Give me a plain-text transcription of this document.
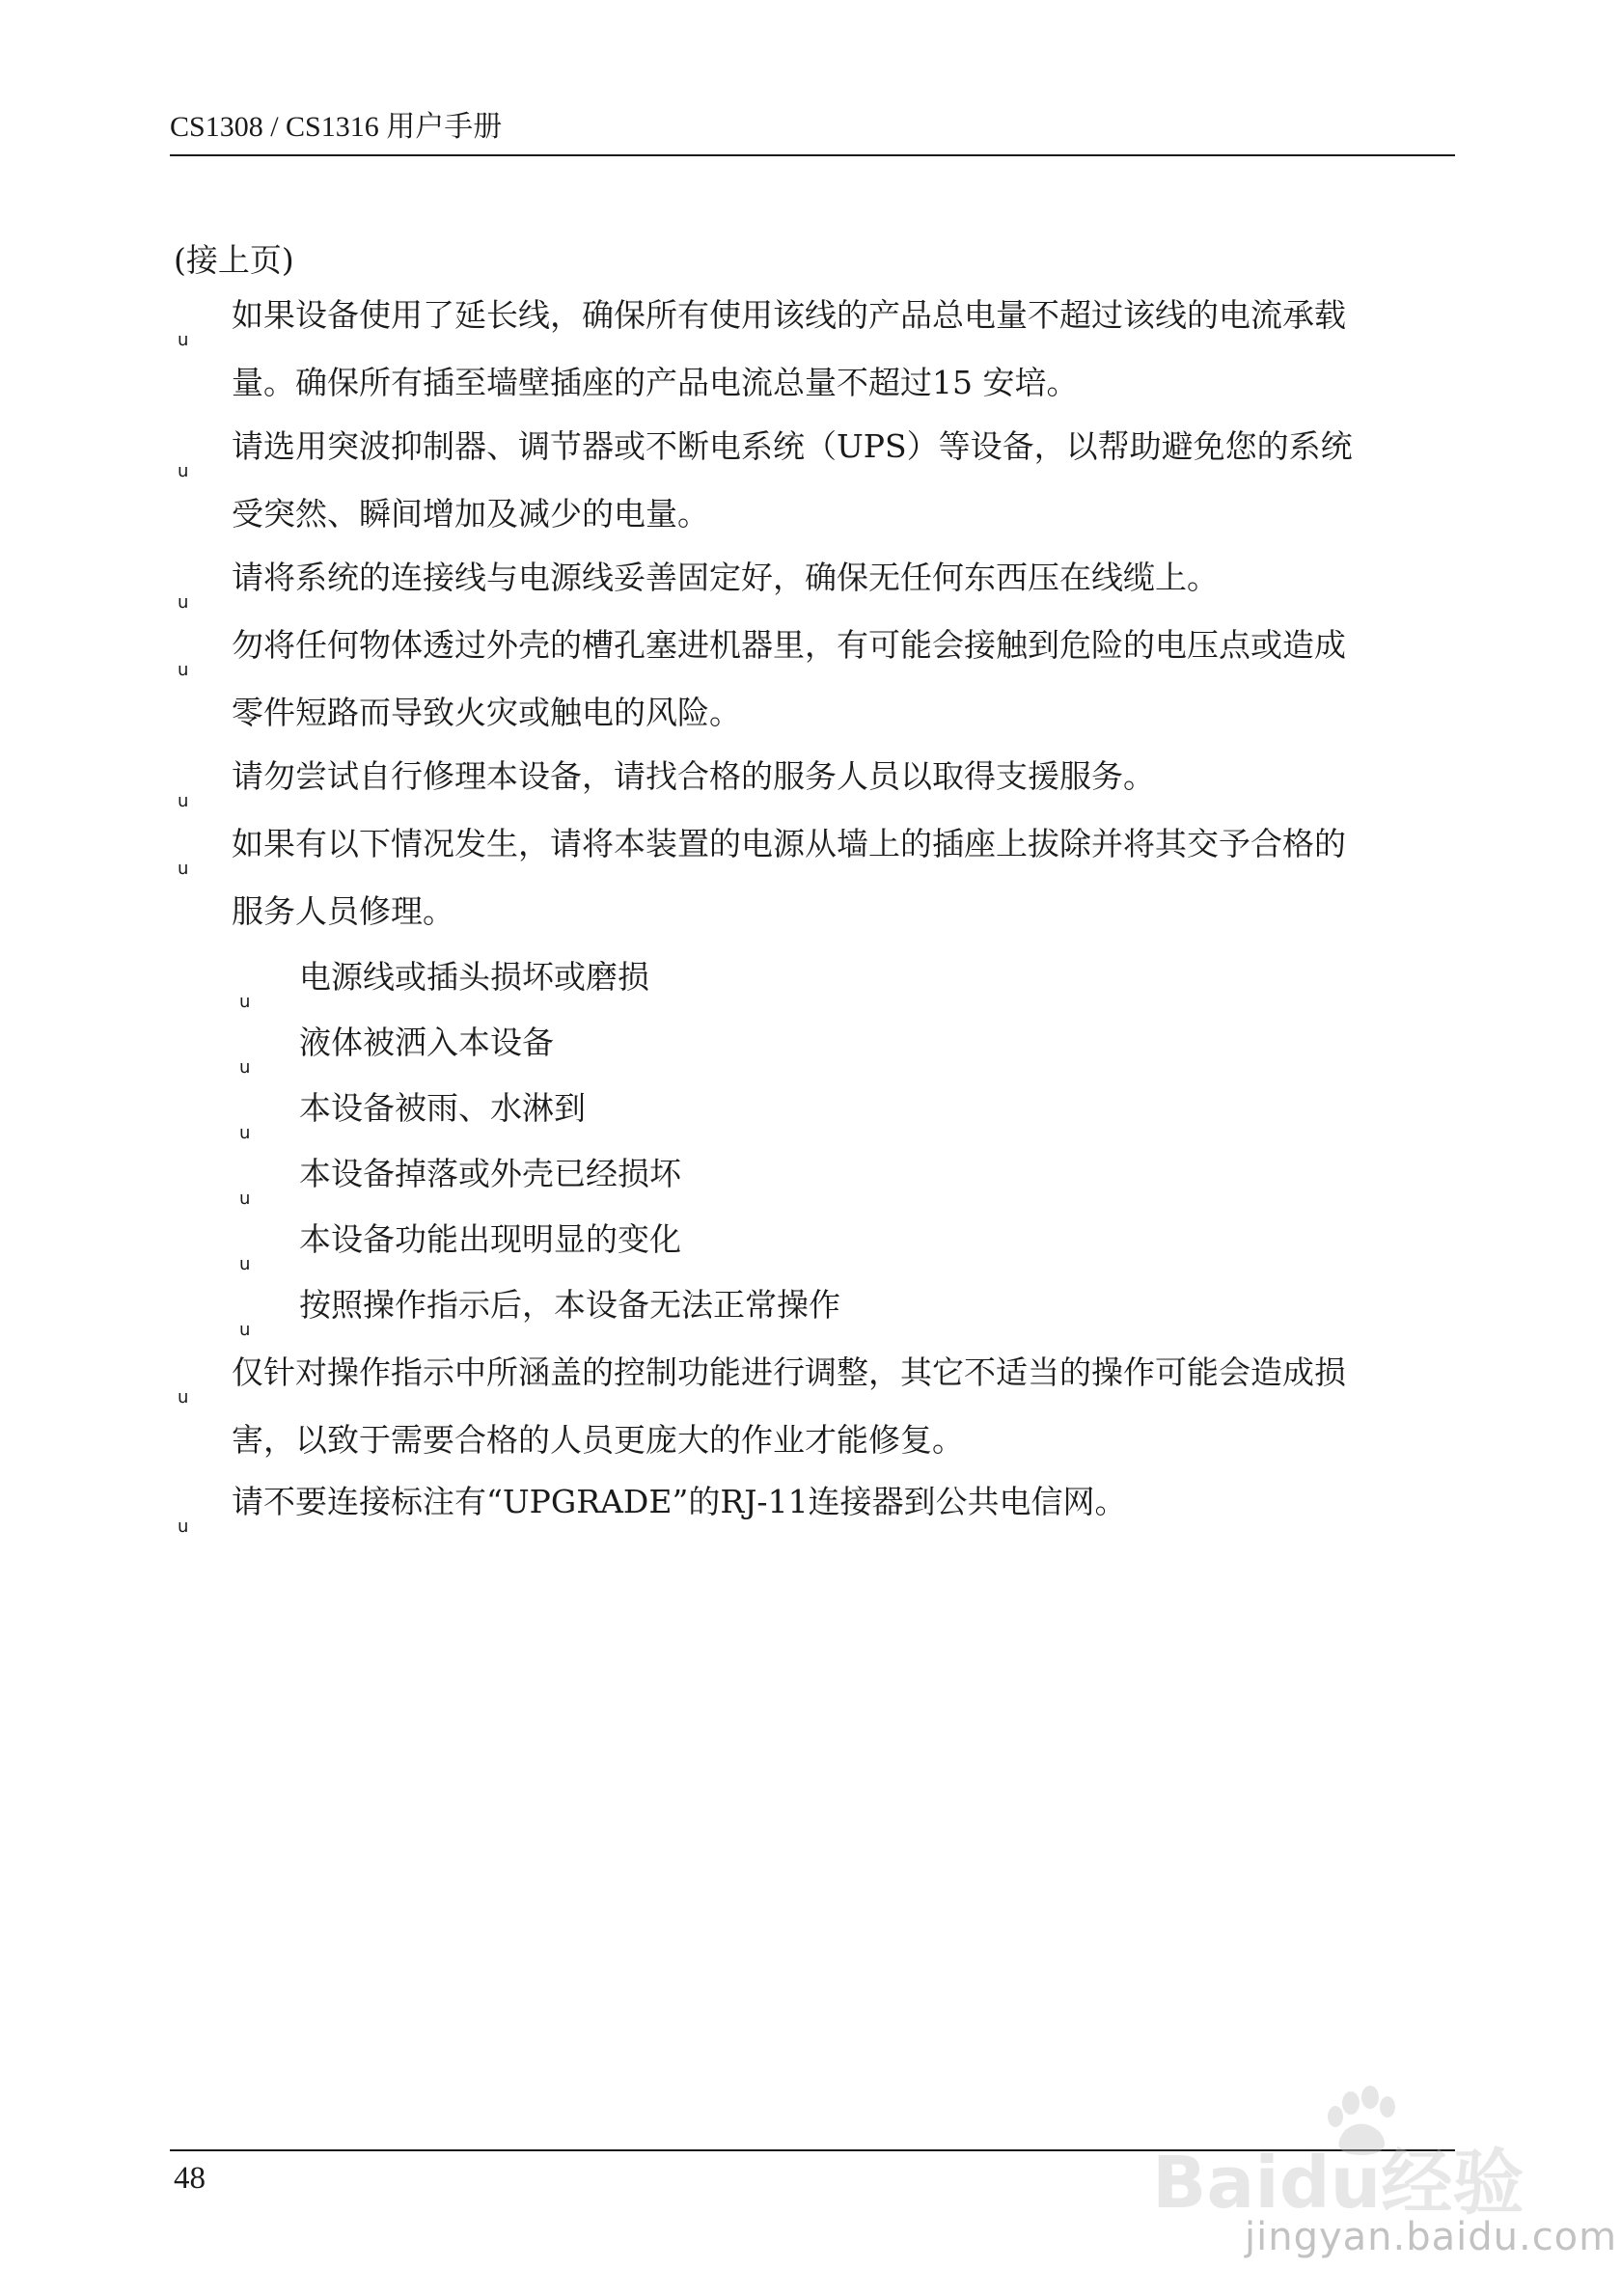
CS1308 / CS1316 用户手册
(接上页)
u
如果设备使用了延长线，确保所有使用该线的产品总电量不超过该线的电流承载
量。确保所有插至墙壁插座的产品电流总量不超过15 安培。
u
请选用突波抑制器、调节器或不断电系统（UPS）等设备，以帮助避免您的系统
受突然、瞬间增加及减少的电量。
u
请将系统的连接线与电源线妥善固定好，确保无任何东西压在线缆上。
u
勿将任何物体透过外壳的槽孔塞进机器里，有可能会接触到危险的电压点或造成
零件短路而导致火灾或触电的风险。
u
请勿尝试自行修理本设备，请找合格的服务人员以取得支援服务。
u
如果有以下情况发生，请将本装置的电源从墙上的插座上拔除并将其交予合格的
服务人员修理。
u
电源线或插头损坏或磨损
u
液体被洒入本设备
u
本设备被雨、水淋到
u
本设备掉落或外壳已经损坏
u
本设备功能出现明显的变化
u
按照操作指示后，本设备无法正常操作
u
仅针对操作指示中所涵盖的控制功能进行调整，其它不适当的操作可能会造成损
害，以致于需要合格的人员更庞大的作业才能修复。
u
请不要连接标注有“UPGRADE”的RJ-11连接器到公共电信网。
48	Baidu经验
jingyan.baidu.com
